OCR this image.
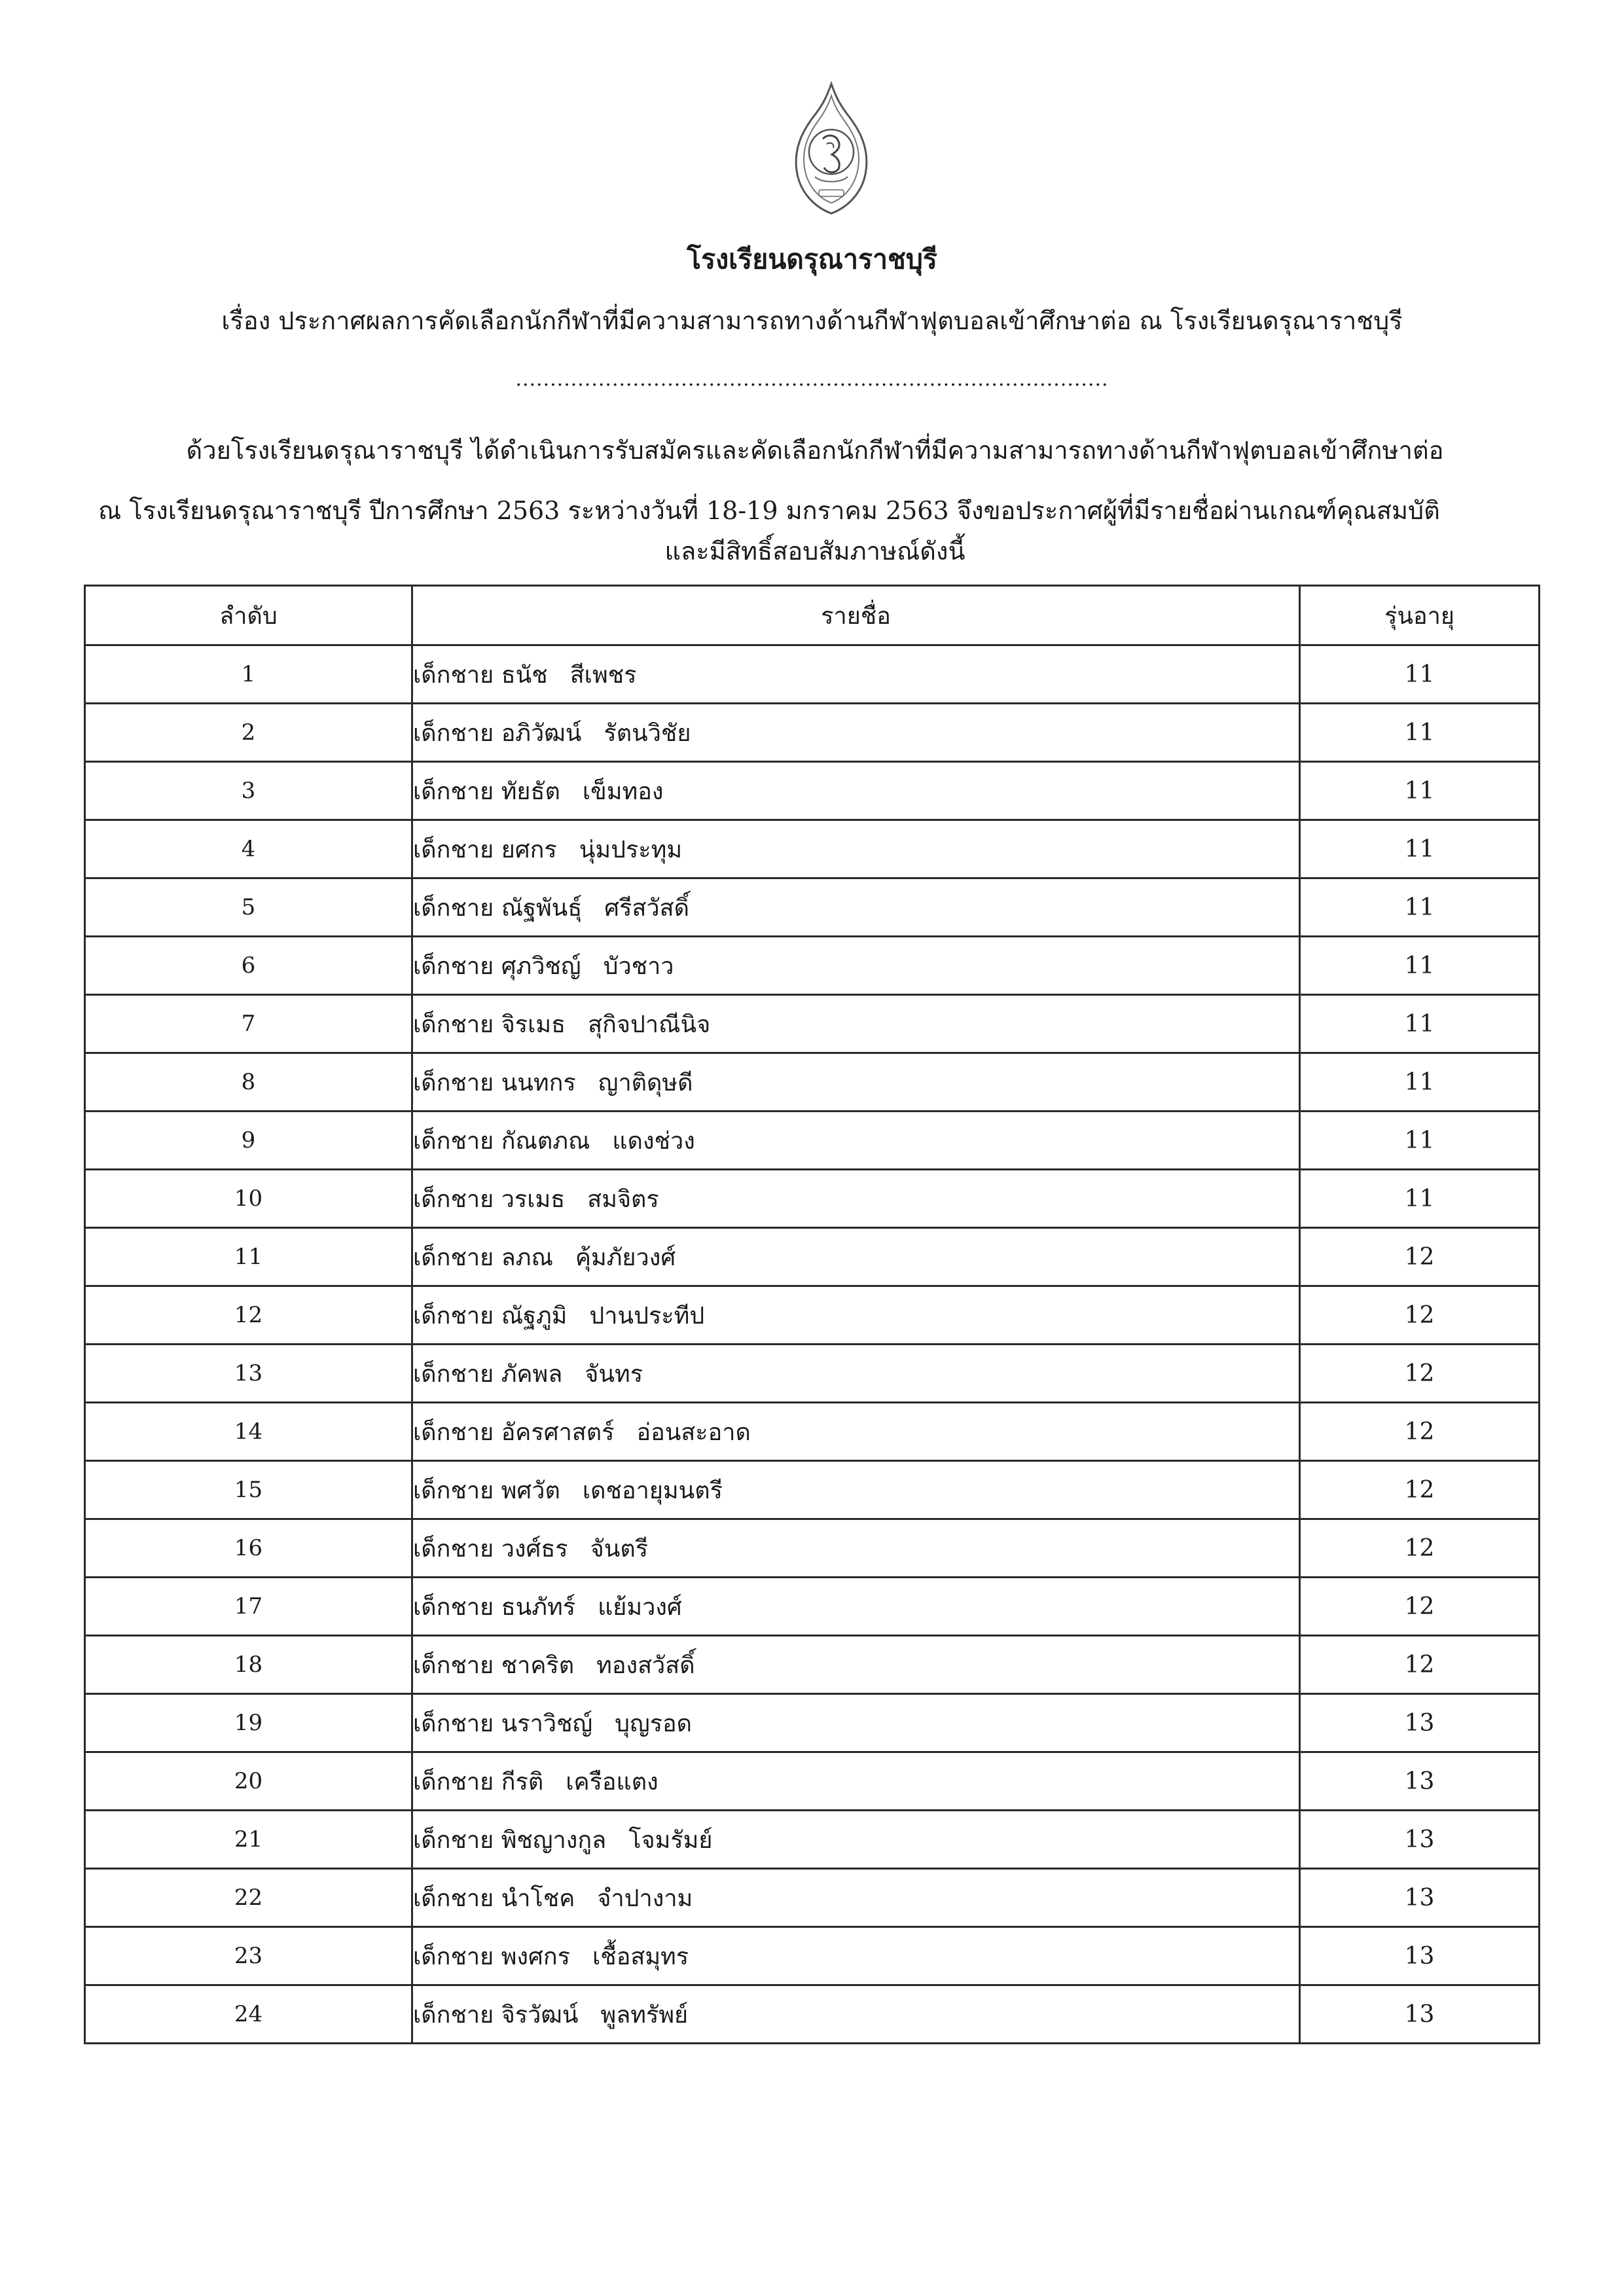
โรงเรียนดรุณาราชบุรี
เรื่อง ประกาศผลการคัดเลือกนักกีฬาที่มีความสามารถทางด้านกีฬาฟุตบอลเข้าศึกษาต่อ ณ โรงเรียนดรุณาราชบุรี
......................................................................................
ด้วยโรงเรียนดรุณาราชบุรี ได้ดำเนินการรับสมัครและคัดเลือกนักกีฬาที่มีความสามารถทางด้านกีฬาฟุตบอลเข้าศึกษาต่อ
ณ โรงเรียนดรุณาราชบุรี ปีการศึกษา 2563 ระหว่างวันที่ 18-19 มกราคม 2563 จึงขอประกาศผู้ที่มีรายชื่อผ่านเกณฑ์คุณสมบัติ
และมีสิทธิ์สอบสัมภาษณ์ดังนี้
ลำดับ	รายชื่อ	รุ่นอายุ
1	เด็กชาย ธนัช สีเพชร	11
2	เด็กชาย อภิวัฒน์ รัตนวิชัย	11
3	เด็กชาย ทัยธัต เข็มทอง	11
4	เด็กชาย ยศกร นุ่มประทุม	11
5	เด็กชาย ณัฐพันธุ์ ศรีสวัสดิ์	11
6	เด็กชาย ศุภวิชญ์ บัวชาว	11
7	เด็กชาย จิรเมธ สุกิจปาณีนิจ	11
8	เด็กชาย นนทกร ญาติดุษดี	11
9	เด็กชาย กัณตภณ แดงช่วง	11
10	เด็กชาย วรเมธ สมจิตร	11
11	เด็กชาย ลภณ คุ้มภัยวงศ์	12
12	เด็กชาย ณัฐภูมิ ปานประทีป	12
13	เด็กชาย ภัคพล จันทร	12
14	เด็กชาย อัครศาสตร์ อ่อนสะอาด	12
15	เด็กชาย พศวัต เดชอายุมนตรี	12
16	เด็กชาย วงศ์ธร จันตรี	12
17	เด็กชาย ธนภัทร์ แย้มวงศ์	12
18	เด็กชาย ชาคริต ทองสวัสดิ์	12
19	เด็กชาย นราวิชญ์ บุญรอด	13
20	เด็กชาย กีรติ เครือแตง	13
21	เด็กชาย พิชญางกูล โจมรัมย์	13
22	เด็กชาย นำโชค จำปางาม	13
23	เด็กชาย พงศกร เชื้อสมุทร	13
24	เด็กชาย จิรวัฒน์ พูลทรัพย์	13
